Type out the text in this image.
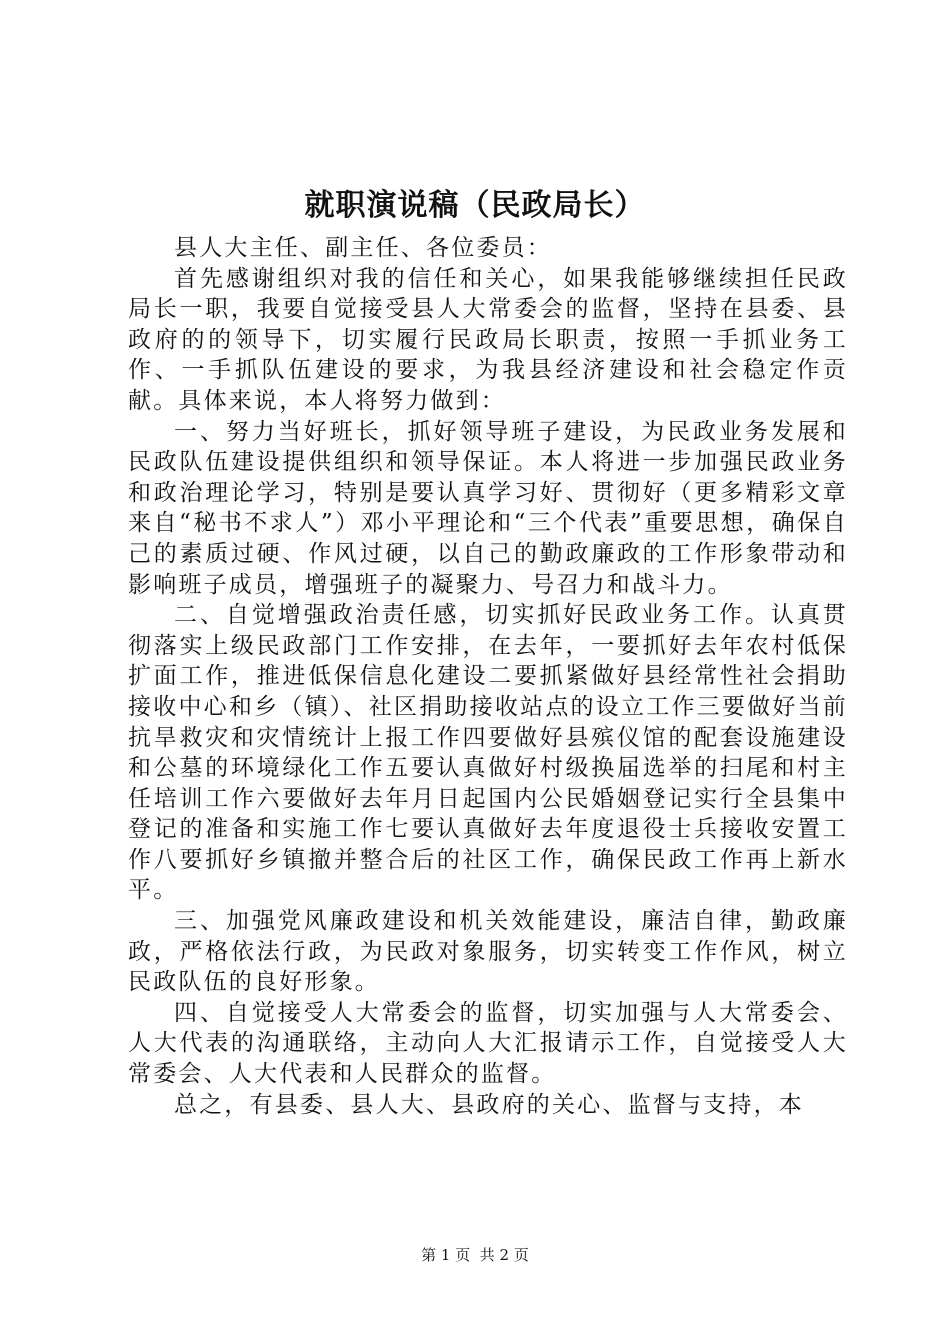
就职演说稿（民政局长）

县人大主任、副主任、各位委员：

首先感谢组织对我的信任和关心，如果我能够继续担任民政局长一职，我要自觉接受县人大常委会的监督，坚持在县委、县政府的的领导下，切实履行民政局长职责，按照一手抓业务工作、一手抓队伍建设的要求，为我县经济建设和社会稳定作贡献。具体来说，本人将努力做到：

一、努力当好班长，抓好领导班子建设，为民政业务发展和民政队伍建设提供组织和领导保证。本人将进一步加强民政业务和政治理论学习，特别是要认真学习好、贯彻好（更多精彩文章来自“秘书不求人”）邓小平理论和“三个代表”重要思想，确保自己的素质过硬、作风过硬，以自己的勤政廉政的工作形象带动和影响班子成员，增强班子的凝聚力、号召力和战斗力。

二、自觉增强政治责任感，切实抓好民政业务工作。认真贯彻落实上级民政部门工作安排，在去年，一要抓好去年农村低保扩面工作，推进低保信息化建设二要抓紧做好县经常性社会捐助接收中心和乡（镇）、社区捐助接收站点的设立工作三要做好当前抗旱救灾和灾情统计上报工作四要做好县殡仪馆的配套设施建设和公墓的环境绿化工作五要认真做好村级换届选举的扫尾和村主任培训工作六要做好去年月日起国内公民婚姻登记实行全县集中登记的准备和实施工作七要认真做好去年度退役士兵接收安置工作八要抓好乡镇撤并整合后的社区工作，确保民政工作再上新水平。

三、加强党风廉政建设和机关效能建设，廉洁自律，勤政廉政，严格依法行政，为民政对象服务，切实转变工作作风，树立民政队伍的良好形象。

四、自觉接受人大常委会的监督，切实加强与人大常委会、人大代表的沟通联络，主动向人大汇报请示工作，自觉接受人大常委会、人大代表和人民群众的监督。

总之，有县委、县人大、县政府的关心、监督与支持，本

第 1 页 共 2 页
